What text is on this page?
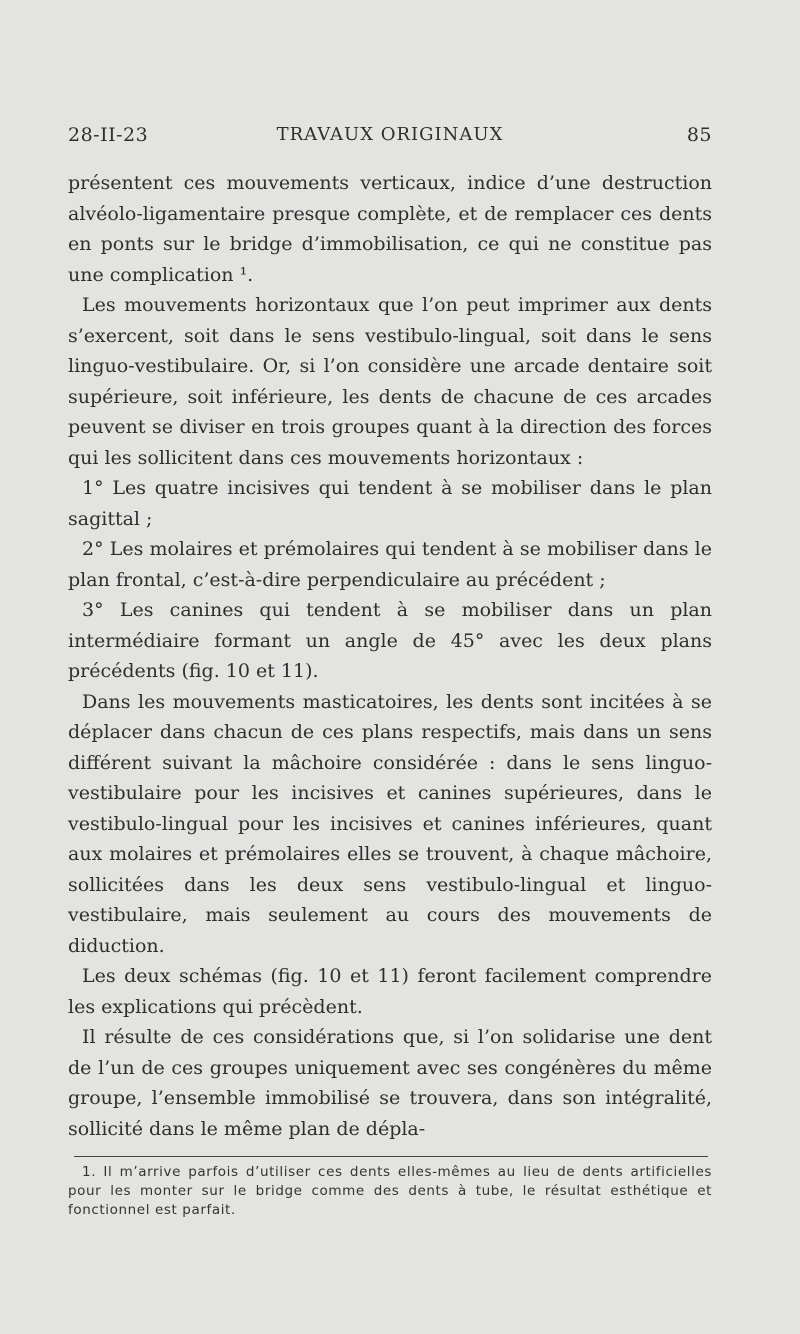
28-II-23	TRAVAUX ORIGINAUX	85

présentent ces mouvements verticaux, indice d’une destruction alvéolo-ligamentaire presque complète, et de remplacer ces dents en ponts sur le bridge d’immobilisation, ce qui ne constitue pas une complication ¹.

Les mouvements horizontaux que l’on peut imprimer aux dents s’exercent, soit dans le sens vestibulo-lingual, soit dans le sens linguo-vestibulaire. Or, si l’on considère une arcade dentaire soit supérieure, soit inférieure, les dents de chacune de ces arcades peuvent se diviser en trois groupes quant à la direction des forces qui les sollicitent dans ces mouvements horizontaux :

1° Les quatre incisives qui tendent à se mobiliser dans le plan sagittal ;

2° Les molaires et prémolaires qui tendent à se mobiliser dans le plan frontal, c’est-à-dire perpendiculaire au précédent ;

3° Les canines qui tendent à se mobiliser dans un plan intermédiaire formant un angle de 45° avec les deux plans précédents (fig. 10 et 11).

Dans les mouvements masticatoires, les dents sont incitées à se déplacer dans chacun de ces plans respectifs, mais dans un sens différent suivant la mâchoire considérée : dans le sens linguo-vestibulaire pour les incisives et canines supérieures, dans le vestibulo-lingual pour les incisives et canines inférieures, quant aux molaires et prémolaires elles se trouvent, à chaque mâchoire, sollicitées dans les deux sens vestibulo-lingual et linguo-vestibulaire, mais seulement au cours des mouvements de diduction.

Les deux schémas (fig. 10 et 11) feront facilement comprendre les explications qui précèdent.

Il résulte de ces considérations que, si l’on solidarise une dent de l’un de ces groupes uniquement avec ses congénères du même groupe, l’ensemble immobilisé se trouvera, dans son intégralité, sollicité dans le même plan de dépla-

1. Il m’arrive parfois d’utiliser ces dents elles-mêmes au lieu de dents artificielles pour les monter sur le bridge comme des dents à tube, le résultat esthétique et fonctionnel est parfait.
